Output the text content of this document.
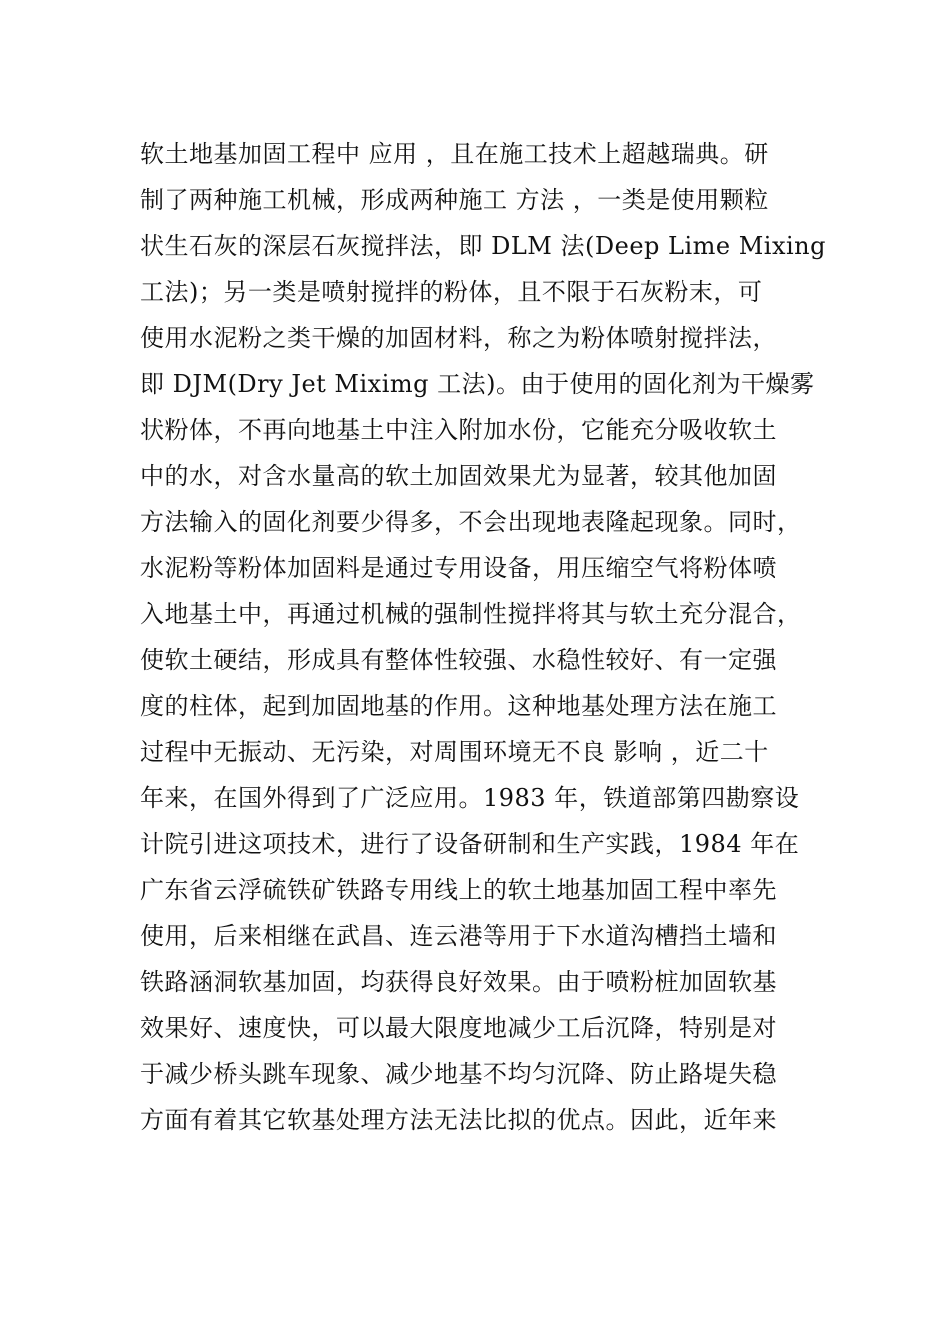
软土地基加固工程中 应用 ，且在施工技术上超越瑞典。研
制了两种施工机械，形成两种施工 方法 ，一类是使用颗粒
状生石灰的深层石灰搅拌法，即 DLM 法(Deep Lime Mixing
工法)；另一类是喷射搅拌的粉体，且不限于石灰粉末，可
使用水泥粉之类干燥的加固材料，称之为粉体喷射搅拌法，
即 DJM(Dry Jet Miximg 工法)。由于使用的固化剂为干燥雾
状粉体，不再向地基土中注入附加水份，它能充分吸收软土
中的水，对含水量高的软土加固效果尤为显著，较其他加固
方法输入的固化剂要少得多，不会出现地表隆起现象。同时，
水泥粉等粉体加固料是通过专用设备，用压缩空气将粉体喷
入地基土中，再通过机械的强制性搅拌将其与软土充分混合，
使软土硬结，形成具有整体性较强、水稳性较好、有一定强
度的柱体，起到加固地基的作用。这种地基处理方法在施工
过程中无振动、无污染，对周围环境无不良 影响 ，近二十
年来，在国外得到了广泛应用。1983 年，铁道部第四勘察设
计院引进这项技术，进行了设备研制和生产实践，1984 年在
广东省云浮硫铁矿铁路专用线上的软土地基加固工程中率先
使用，后来相继在武昌、连云港等用于下水道沟槽挡土墙和
铁路涵洞软基加固，均获得良好效果。由于喷粉桩加固软基
效果好、速度快，可以最大限度地减少工后沉降，特别是对
于减少桥头跳车现象、减少地基不均匀沉降、防止路堤失稳
方面有着其它软基处理方法无法比拟的优点。因此，近年来
